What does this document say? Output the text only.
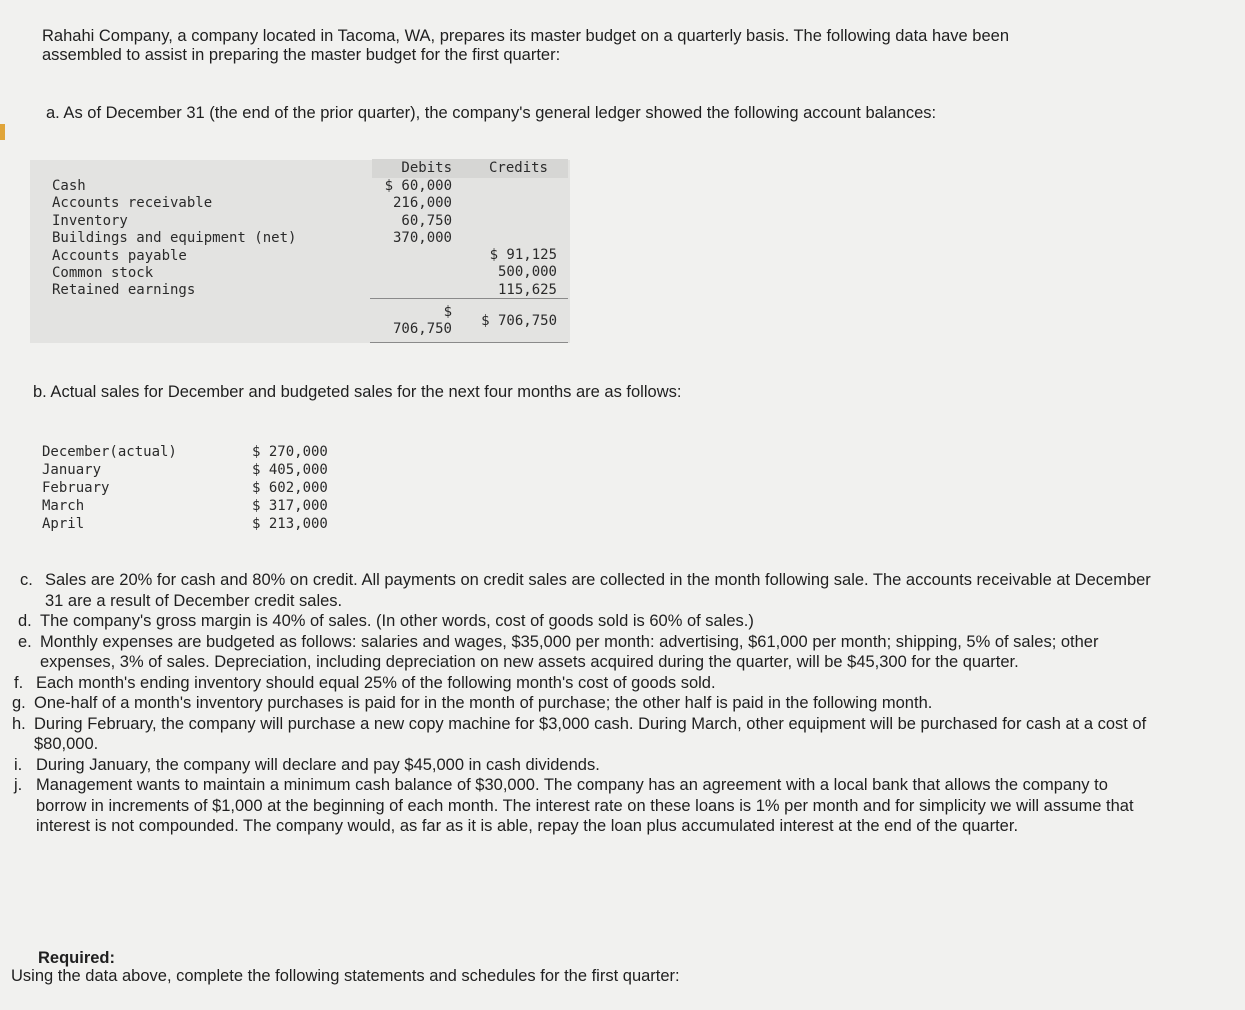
Rahahi Company, a company located in Tacoma, WA, prepares its master budget on a quarterly basis. The following data have been
assembled to assist in preparing the master budget for the first quarter:
a. As of December 31 (the end of the prior quarter), the company's general ledger showed the following account balances:
Debits	Credits
Cash
Accounts receivable
Inventory
Buildings and equipment (net)
Accounts payable
Common stock
Retained earnings
$ 60,000
216,000
60,750
370,000
$ 91,125
500,000
115,625
$
706,750	$ 706,750
b. Actual sales for December and budgeted sales for the next four months are as follows:
December(actual)
January
February
March
April
$ 270,000
$ 405,000
$ 602,000
$ 317,000
$ 213,000

c. Sales are 20% for cash and 80% on credit. All payments on credit sales are collected in the month following sale. The accounts receivable at December 31 are a result of December credit sales.

d. The company's gross margin is 40% of sales. (In other words, cost of goods sold is 60% of sales.)

e. Monthly expenses are budgeted as follows: salaries and wages, $35,000 per month: advertising, $61,000 per month; shipping, 5% of sales; other expenses, 3% of sales. Depreciation, including depreciation on new assets acquired during the quarter, will be $45,300 for the quarter.

f. Each month's ending inventory should equal 25% of the following month's cost of goods sold.

g. One-half of a month's inventory purchases is paid for in the month of purchase; the other half is paid in the following month.

h. During February, the company will purchase a new copy machine for $3,000 cash. During March, other equipment will be purchased for cash at a cost of $80,000.

i. During January, the company will declare and pay $45,000 in cash dividends.

j. Management wants to maintain a minimum cash balance of $30,000. The company has an agreement with a local bank that allows the company to borrow in increments of $1,000 at the beginning of each month. The interest rate on these loans is 1% per month and for simplicity we will assume that interest is not compounded. The company would, as far as it is able, repay the loan plus accumulated interest at the end of the quarter.

Required:
Using the data above, complete the following statements and schedules for the first quarter:
